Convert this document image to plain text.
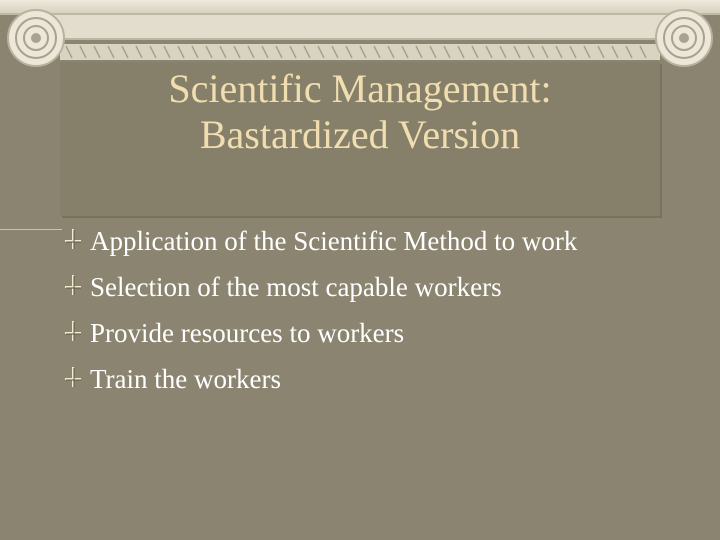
Scientific Management:
Bastardized Version
Application of the Scientific Method to work
Selection of the most capable workers
Provide resources to workers
Train the workers
